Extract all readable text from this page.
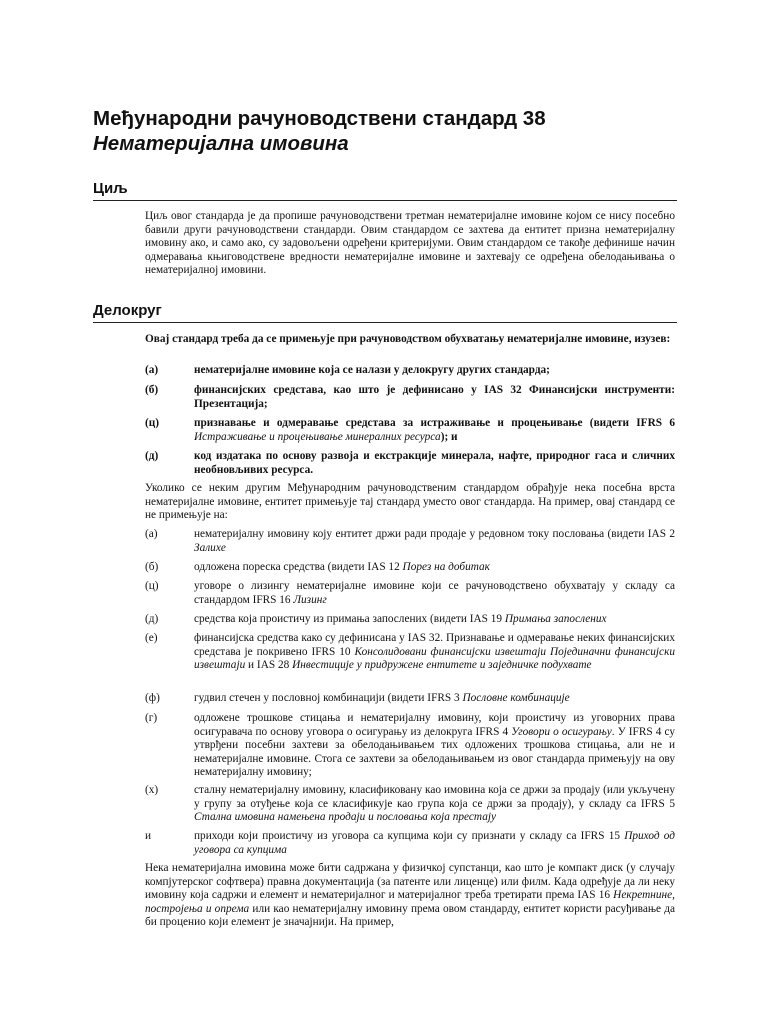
Међународни рачуноводствени стандард 38
Нематеријална имовина
Циљ

Циљ овог стандарда је да пропише рачуноводствени третман нематеријалне имовине којом се нису посебно бавили други рачуноводствени стандарди. Овим стандардом се захтева да ентитет призна нематеријалну имовину ако, и само ако, су задовољени одређени критеријуми. Овим стандардом се такође дефинише начин одмеравања књиговодствене вредности нематеријалне имовине и захтевају се одређена обелодањивања о нематеријалној имовини.

Делокруг

Овај стандард треба да се примењује при рачуноводством обухватању нематеријалне имовине, изузев:

(а)	нематеријалне имовине која се налази у делокругу других стандарда;
(б)	финансијских средстава, као што је дефинисано у IAS 32 Финансијски инструменти: Презентација;
(ц)	признавање и одмеравање средстава за истраживање и процењивање (видети IFRS 6 Истраживање и процењивање минералних ресурса); и
(д)	код издатака по основу развоја и екстракције минерала, нафте, природног гаса и сличних необновљивих ресурса.

Уколико се неким другим Међународним рачуноводственим стандардом обрађује нека посебна врста нематеријалне имовине, ентитет примењује тај стандард уместо овог стандарда. На пример, овај стандард се не примењује на:

(а)	нематеријалну имовину коју ентитет држи ради продаје у редовном току пословања (видети IAS 2 Залихе
(б)	одложена пореска средства (видети IAS 12 Порез на добитак
(ц)	уговоре о лизингу нематеријалне имовине који се рачуноводствено обухватају у складу са стандардом IFRS 16 Лизинг
(д)	средства која проистичу из примања запослених (видети IAS 19 Примања запослених
(е)	финансијска средства како су дефинисана у IAS 32. Признавање и одмеравање неких финансијских средстава је покривено IFRS 10 Консолидовани финансијски извештаји Појединачни финансијски извештаји и IAS 28 Инвестиције у придружене ентитете и заједничке подухвате
(ф)	гудвил стечен у пословној комбинацији (видети IFRS 3 Пословне комбинације
(г)	одложене трошкове стицања и нематеријалну имовину, који проистичу из уговорних права осигуравача по основу уговора о осигурању из делокруга IFRS 4 Уговори о осигурању. У IFRS 4 су утврђени посебни захтеви за обелодањивањем тих одложених трошкова стицања, али не и нематеријалне имовине. Стога се захтеви за обелодањивањем из овог стандарда примењују на ову нематеријалну имовину;
(х)	сталну нематеријалну имовину, класификовану као имовина која се држи за продају (или укључену у групу за отуђење која се класификује као група која се држи за продају), у складу са IFRS 5 Стална имовина намењена продаји и пословања која престају
и	приходи који проистичу из уговора са купцима који су признати у складу са IFRS 15 Приход од уговора са купцима

Нека нематеријална имовина може бити садржана у физичкој супстанци, као што је компакт диск (у случају компјутерског софтвера) правна документација (за патенте или лиценце) или филм. Када одређује да ли неку имовину која садржи и елемент и нематеријалног и материјалног треба третирати према IAS 16 Некретнине, постројења и опрема или као нематеријалну имовину према овом стандарду, ентитет користи расуђивање да би проценио који елемент је значајнији. На пример,
